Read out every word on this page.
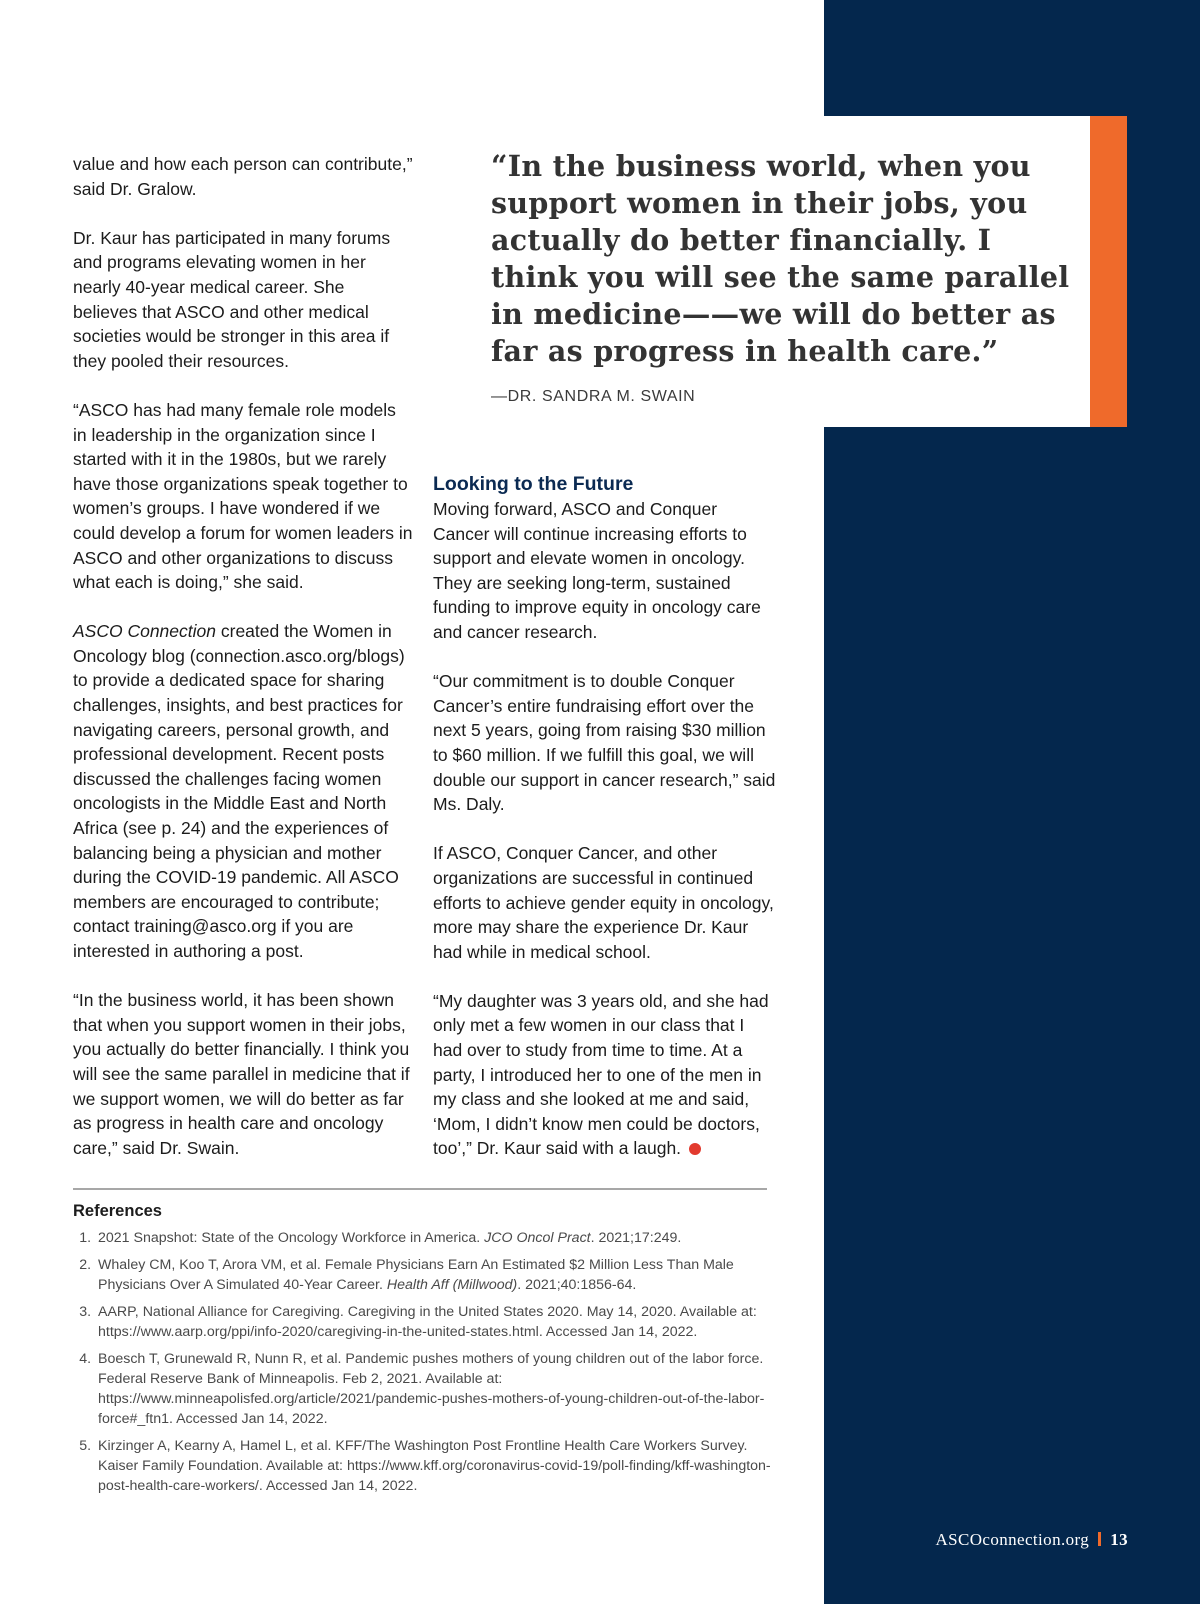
“In the business world, when you support women in their jobs, you actually do better financially. I think you will see the same parallel in medicine——we will do better as far as progress in health care.”

—DR. SANDRA M. SWAIN

value and how each person can contribute,” said Dr. Gralow.

Dr. Kaur has participated in many forums and programs elevating women in her nearly 40-year medical career. She believes that ASCO and other medical societies would be stronger in this area if they pooled their resources.

“ASCO has had many female role models in leadership in the organization since I started with it in the 1980s, but we rarely have those organizations speak together to women’s groups. I have wondered if we could develop a forum for women leaders in ASCO and other organizations to discuss what each is doing,” she said.

ASCO Connection created the Women in Oncology blog (connection.asco.org/blogs) to provide a dedicated space for sharing challenges, insights, and best practices for navigating careers, personal growth, and professional development. Recent posts discussed the challenges facing women oncologists in the Middle East and North Africa (see p. 24) and the experiences of balancing being a physician and mother during the COVID-19 pandemic. All ASCO members are encouraged to contribute; contact training@asco.org if you are interested in authoring a post.

“In the business world, it has been shown that when you support women in their jobs, you actually do better financially. I think you will see the same parallel in medicine that if we support women, we will do better as far as progress in health care and oncology care,” said Dr. Swain.

Looking to the Future

Moving forward, ASCO and Conquer Cancer will continue increasing efforts to support and elevate women in oncology. They are seeking long-term, sustained funding to improve equity in oncology care and cancer research.

“Our commitment is to double Conquer Cancer’s entire fundraising effort over the next 5 years, going from raising $30 million to $60 million. If we fulfill this goal, we will double our support in cancer research,” said Ms. Daly.

If ASCO, Conquer Cancer, and other organizations are successful in continued efforts to achieve gender equity in oncology, more may share the experience Dr. Kaur had while in medical school.

“My daughter was 3 years old, and she had only met a few women in our class that I had over to study from time to time. At a party, I introduced her to one of the men in my class and she looked at me and said, ‘Mom, I didn’t know men could be doctors, too’,” Dr. Kaur said with a laugh.

References
1. 2021 Snapshot: State of the Oncology Workforce in America. JCO Oncol Pract. 2021;17:249.
2. Whaley CM, Koo T, Arora VM, et al. Female Physicians Earn An Estimated $2 Million Less Than Male Physicians Over A Simulated 40-Year Career. Health Aff (Millwood). 2021;40:1856-64.
3. AARP, National Alliance for Caregiving. Caregiving in the United States 2020. May 14, 2020. Available at: https://www.aarp.org/ppi/info-2020/caregiving-in-the-united-states.html. Accessed Jan 14, 2022.
4. Boesch T, Grunewald R, Nunn R, et al. Pandemic pushes mothers of young children out of the labor force. Federal Reserve Bank of Minneapolis. Feb 2, 2021. Available at: https://www.minneapolisfed.org/article/2021/pandemic-pushes-mothers-of-young-children-out-of-the-labor-force#_ftn1. Accessed Jan 14, 2022.
5. Kirzinger A, Kearny A, Hamel L, et al. KFF/The Washington Post Frontline Health Care Workers Survey. Kaiser Family Foundation. Available at: https://www.kff.org/coronavirus-covid-19/poll-finding/kff-washington-post-health-care-workers/. Accessed Jan 14, 2022.
ASCOconnection.org 13
